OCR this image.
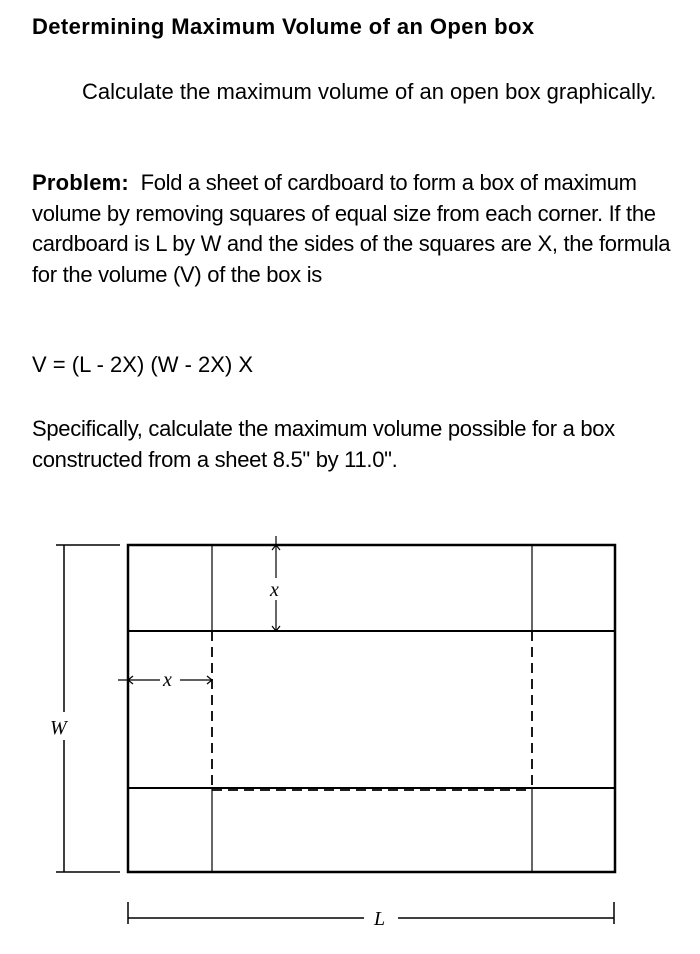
Determining Maximum Volume of an Open box
Calculate the maximum volume of an open box graphically.
Problem: Fold a sheet of cardboard to form a box of maximum volume by removing squares of equal size from each corner. If the cardboard is L by W and the sides of the squares are X, the formula for the volume (V) of the box is
V = (L - 2X) (W - 2X) X
Specifically, calculate the maximum volume possible for a box constructed from a sheet 8.5" by 11.0".
x
x
W
L
